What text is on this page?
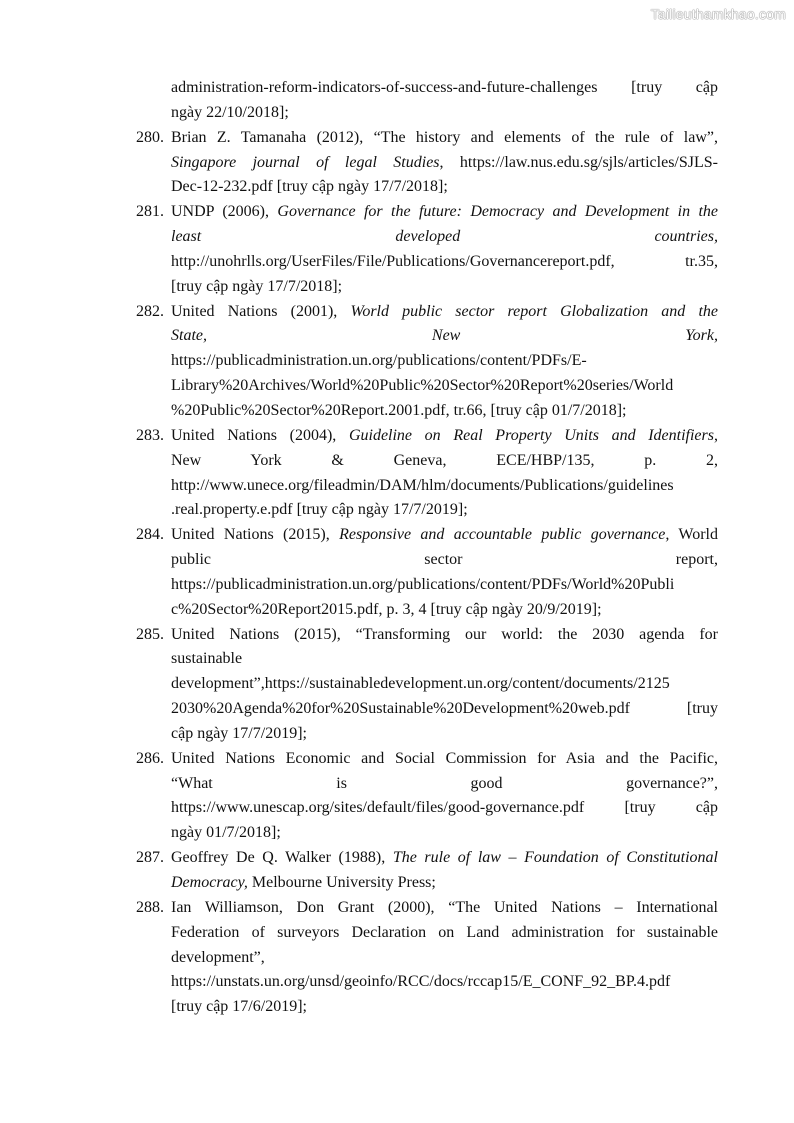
Tailieuthamkhao.com
administration-reform-indicators-of-success-and-future-challenges [truy cập
ngày 22/10/2018];
280. Brian Z. Tamanaha (2012), “The history and elements of the rule of law”,
Singapore journal of legal Studies, https://law.nus.edu.sg/sjls/articles/SJLS-
Dec-12-232.pdf [truy cập ngày 17/7/2018];
281. UNDP (2006), Governance for the future: Democracy and Development in the
least developed countries,
http://unohrlls.org/UserFiles/File/Publications/Governancereport.pdf, tr.35,
[truy cập ngày 17/7/2018];
282. United Nations (2001), World public sector report Globalization and the
State, New York,
https://publicadministration.un.org/publications/content/PDFs/E-
Library%20Archives/World%20Public%20Sector%20Report%20series/World
%20Public%20Sector%20Report.2001.pdf, tr.66, [truy cập 01/7/2018];
283. United Nations (2004), Guideline on Real Property Units and Identifiers,
New York & Geneva, ECE/HBP/135, p. 2,
http://www.unece.org/fileadmin/DAM/hlm/documents/Publications/guidelines
.real.property.e.pdf [truy cập ngày 17/7/2019];
284. United Nations (2015), Responsive and accountable public governance, World
public sector report,
https://publicadministration.un.org/publications/content/PDFs/World%20Publi
c%20Sector%20Report2015.pdf, p. 3, 4 [truy cập ngày 20/9/2019];
285. United Nations (2015), “Transforming our world: the 2030 agenda for
sustainable
development”,https://sustainabledevelopment.un.org/content/documents/2125
2030%20Agenda%20for%20Sustainable%20Development%20web.pdf [truy
cập ngày 17/7/2019];
286. United Nations Economic and Social Commission for Asia and the Pacific,
“What is good governance?”,
https://www.unescap.org/sites/default/files/good-governance.pdf [truy cập
ngày 01/7/2018];
287. Geoffrey De Q. Walker (1988), The rule of law – Foundation of Constitutional
Democracy, Melbourne University Press;
288. Ian Williamson, Don Grant (2000), “The United Nations – International
Federation of surveyors Declaration on Land administration for sustainable
development”,
https://unstats.un.org/unsd/geoinfo/RCC/docs/rccap15/E_CONF_92_BP.4.pdf
[truy cập 17/6/2019];
